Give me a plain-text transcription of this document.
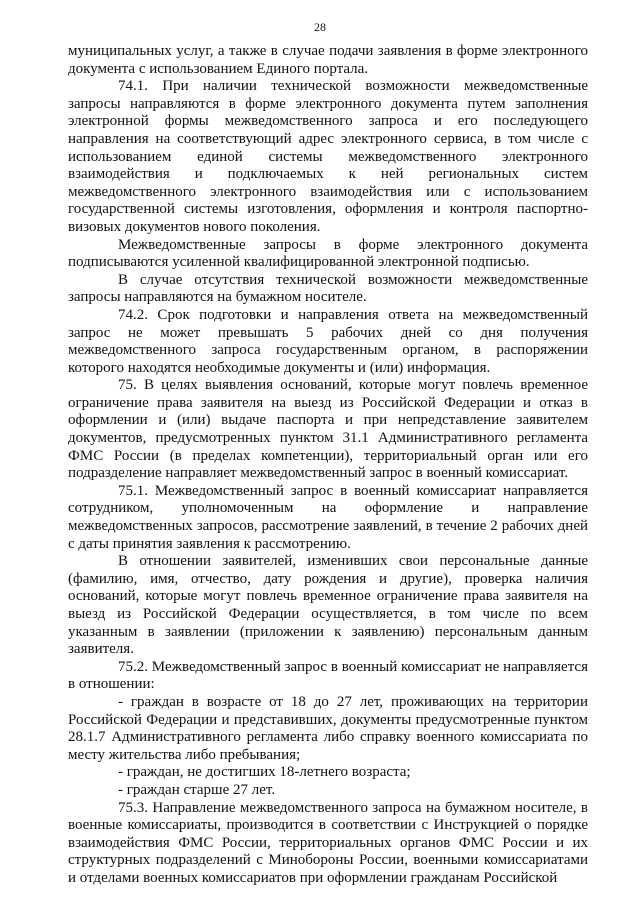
28

муниципальных услуг, а также в случае подачи заявления в форме электронного документа с использованием Единого портала.

74.1. При наличии технической возможности межведомственные запросы направляются в форме электронного документа путем заполнения электронной формы межведомственного запроса и его последующего направления на соответствующий адрес электронного сервиса, в том числе с использованием единой системы межведомственного электронного взаимодействия и подключаемых к ней региональных систем межведомственного электронного взаимодействия или с использованием государственной системы изготовления, оформления и контроля паспортно-визовых документов нового поколения.

Межведомственные запросы в форме электронного документа подписываются усиленной квалифицированной электронной подписью.

В случае отсутствия технической возможности межведомственные запросы направляются на бумажном носителе.

74.2. Срок подготовки и направления ответа на межведомственный запрос не может превышать 5 рабочих дней со дня получения межведомственного запроса государственным органом, в распоряжении которого находятся необходимые документы и (или) информация.

75. В целях выявления оснований, которые могут повлечь временное ограничение права заявителя на выезд из Российской Федерации и отказ в оформлении и (или) выдаче паспорта и при непредставление заявителем документов, предусмотренных пунктом 31.1 Административного регламента ФМС России (в пределах компетенции), территориальный орган или его подразделение направляет межведомственный запрос в военный комиссариат.

75.1. Межведомственный запрос в военный комиссариат направляется сотрудником, уполномоченным на оформление и направление межведомственных запросов, рассмотрение заявлений, в течение 2 рабочих дней с даты принятия заявления к рассмотрению.

В отношении заявителей, изменивших свои персональные данные (фамилию, имя, отчество, дату рождения и другие), проверка наличия оснований, которые могут повлечь временное ограничение права заявителя на выезд из Российской Федерации осуществляется, в том числе по всем указанным в заявлении (приложении к заявлению) персональным данным заявителя.

75.2. Межведомственный запрос в военный комиссариат не направляется в отношении:

- граждан в возрасте от 18 до 27 лет, проживающих на территории Российской Федерации и представивших, документы предусмотренные пунктом 28.1.7 Административного регламента либо справку военного комиссариата по месту жительства либо пребывания;

- граждан, не достигших 18-летнего возраста;

- граждан старше 27 лет.

75.3. Направление межведомственного запроса на бумажном носителе, в военные комиссариаты, производится в соответствии с Инструкцией о порядке взаимодействия ФМС России, территориальных органов ФМС России и их структурных подразделений с Минобороны России, военными комиссариатами и отделами военных комиссариатов при оформлении гражданам Российской
